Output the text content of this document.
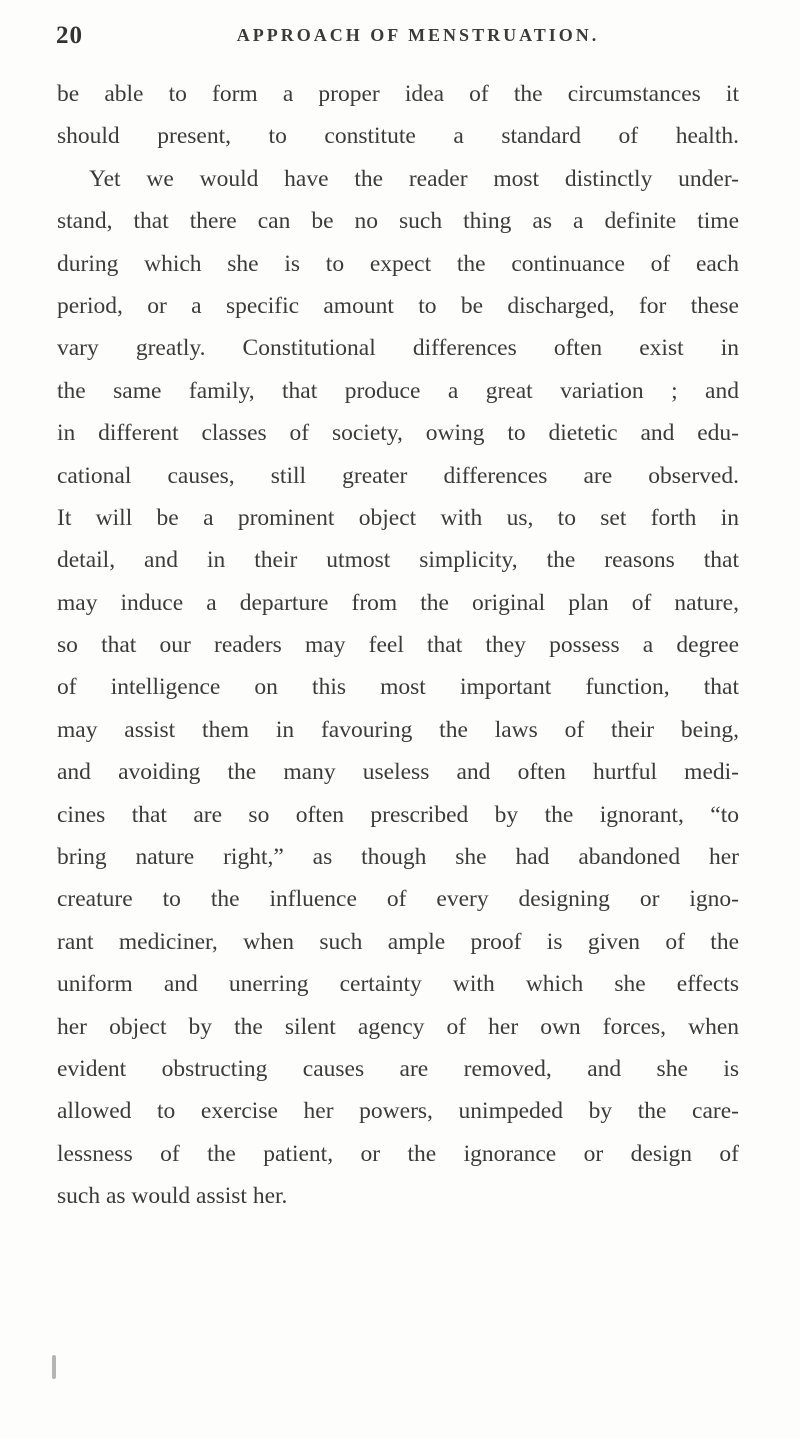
20	APPROACH OF MENSTRUATION.
be able to form a proper idea of the circumstances it
should present, to constitute a standard of health.
Yet we would have the reader most distinctly under-
stand, that there can be no such thing as a definite time
during which she is to expect the continuance of each
period, or a specific amount to be discharged, for these
vary greatly. Constitutional differences often exist in
the same family, that produce a great variation ; and
in different classes of society, owing to dietetic and edu-
cational causes, still greater differences are observed.
It will be a prominent object with us, to set forth in
detail, and in their utmost simplicity, the reasons that
may induce a departure from the original plan of nature,
so that our readers may feel that they possess a degree
of intelligence on this most important function, that
may assist them in favouring the laws of their being,
and avoiding the many useless and often hurtful medi-
cines that are so often prescribed by the ignorant, “to
bring nature right,” as though she had abandoned her
creature to the influence of every designing or igno-
rant mediciner, when such ample proof is given of the
uniform and unerring certainty with which she effects
her object by the silent agency of her own forces, when
evident obstructing causes are removed, and she is
allowed to exercise her powers, unimpeded by the care-
lessness of the patient, or the ignorance or design of
such as would assist her.
